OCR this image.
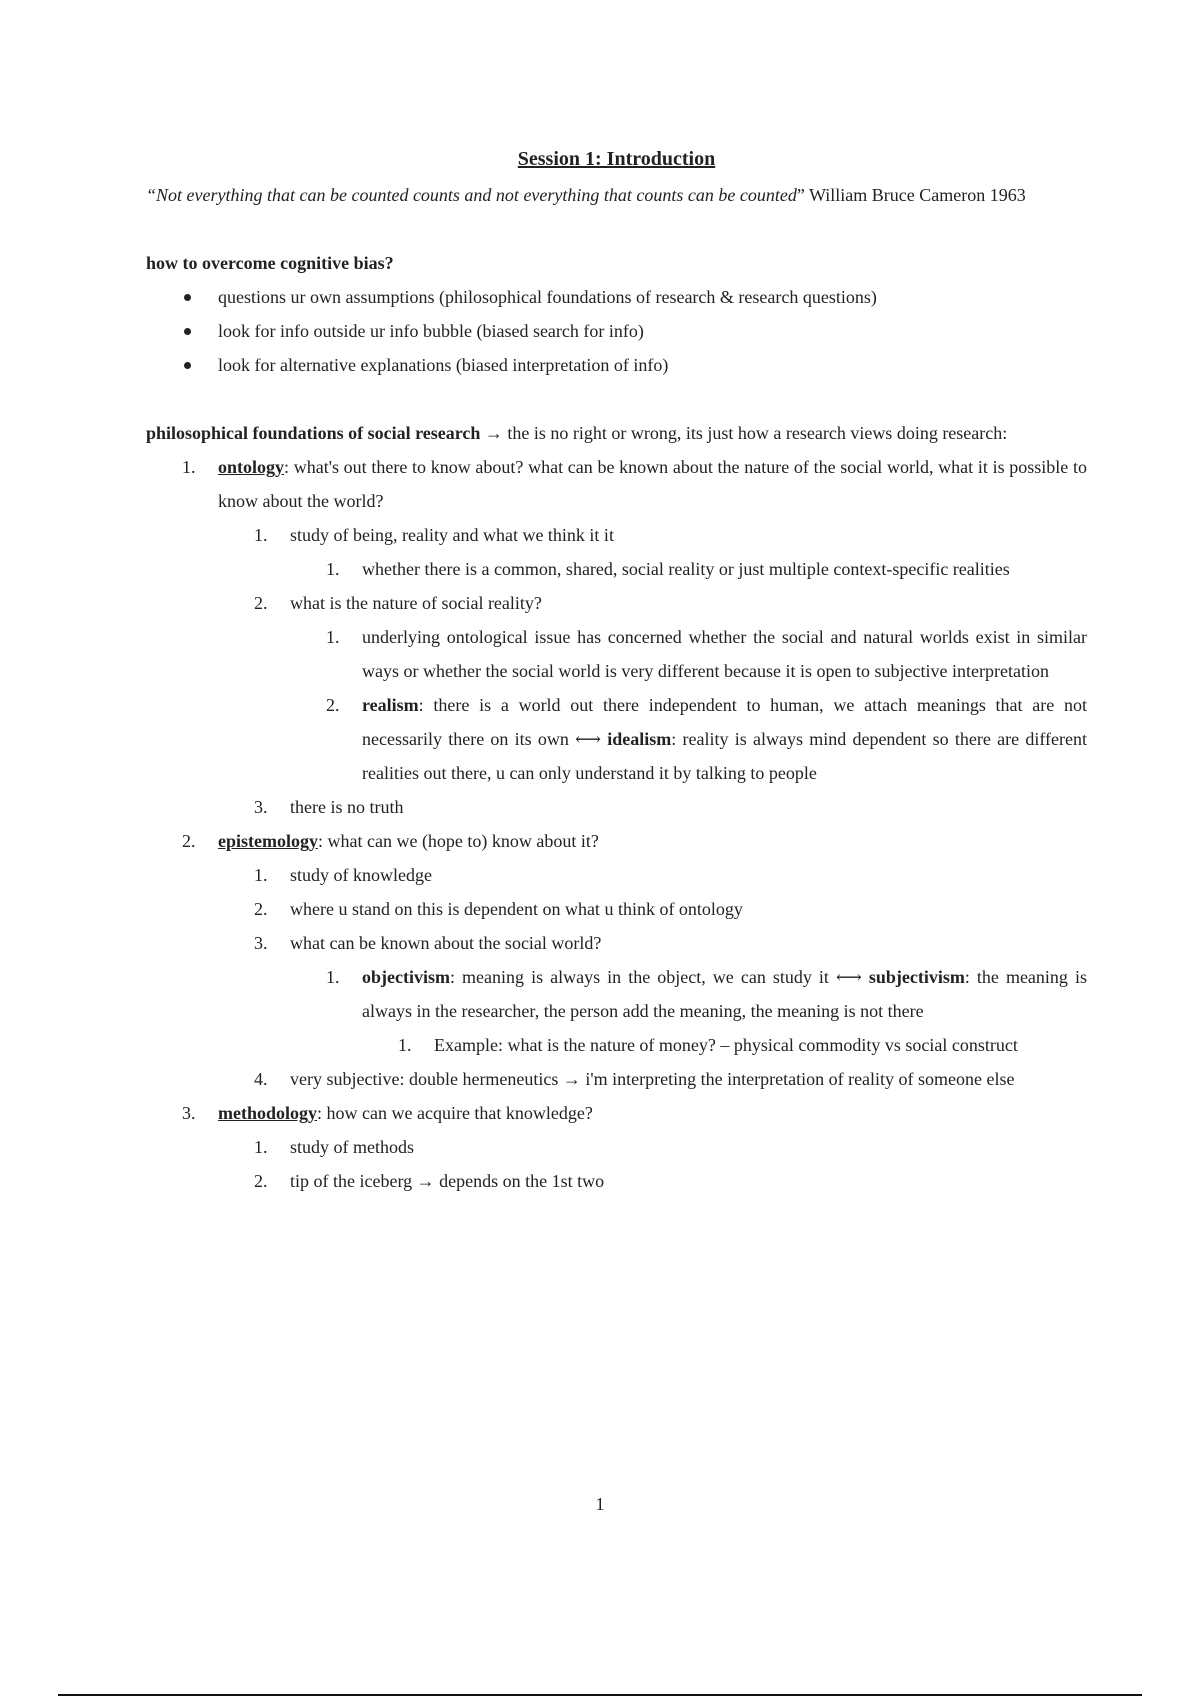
Session 1: Introduction

“Not everything that can be counted counts and not everything that counts can be counted” William Bruce Cameron 1963

how to overcome cognitive bias?

questions ur own assumptions (philosophical foundations of research & research questions)
look for info outside ur info bubble (biased search for info)
look for alternative explanations (biased interpretation of info)

philosophical foundations of social research → the is no right or wrong, its just how a research views doing research:

1. ontology: what's out there to know about? what can be known about the nature of the social world, what it is possible to know about the world?
1. study of being, reality and what we think it it
1. whether there is a common, shared, social reality or just multiple context-specific realities
2. what is the nature of social reality?
1. underlying ontological issue has concerned whether the social and natural worlds exist in similar ways or whether the social world is very different because it is open to subjective interpretation
2. realism: there is a world out there independent to human, we attach meanings that are not necessarily there on its own ⟷ idealism: reality is always mind dependent so there are different realities out there, u can only understand it by talking to people
3. there is no truth
2. epistemology: what can we (hope to) know about it?
1. study of knowledge
2. where u stand on this is dependent on what u think of ontology
3. what can be known about the social world?
1. objectivism: meaning is always in the object, we can study it ⟷ subjectivism: the meaning is always in the researcher, the person add the meaning, the meaning is not there
1. Example: what is the nature of money? – physical commodity vs social construct
4. very subjective: double hermeneutics → i'm interpreting the interpretation of reality of someone else
3. methodology: how can we acquire that knowledge?
1. study of methods
2. tip of the iceberg → depends on the 1st two
1
